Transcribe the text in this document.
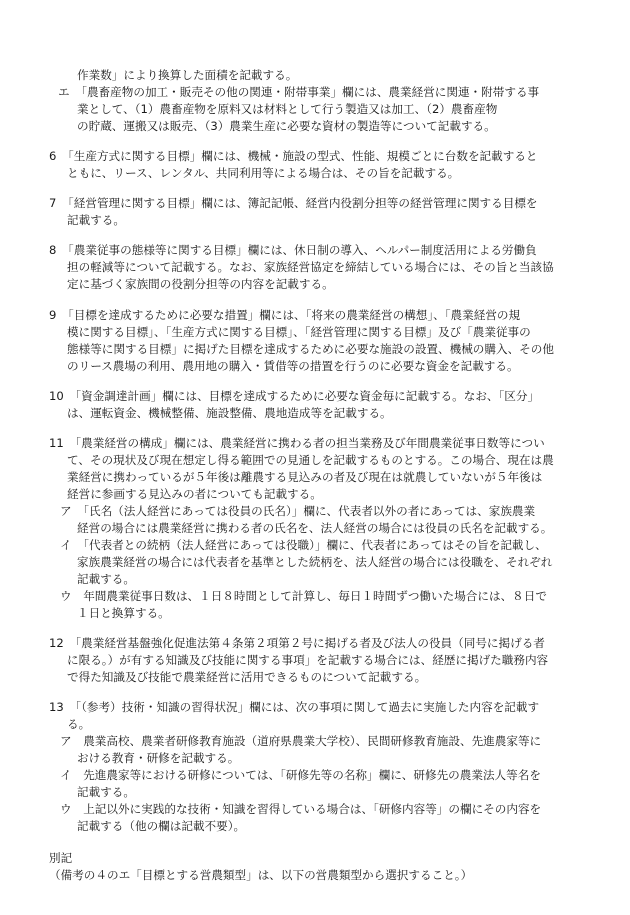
作業数」により換算した面積を記載する。
エ　「農畜産物の加工・販売その他の関連・附帯事業」欄には、農業経営に関連・附帯する事
業として、（1）農畜産物を原料又は材料として行う製造又は加工、（2）農畜産物
の貯蔵、運搬又は販売、（3）農業生産に必要な資材の製造等について記載する。
6　「生産方式に関する目標」欄には、機械・施設の型式、性能、規模ごとに台数を記載すると
ともに、リース、レンタル、共同利用等による場合は、その旨を記載する。
7　「経営管理に関する目標」欄には、簿記記帳、経営内役割分担等の経営管理に関する目標を
記載する。
8　「農業従事の態様等に関する目標」欄には、休日制の導入、ヘルパー制度活用による労働負
担の軽減等について記載する。なお、家族経営協定を締結している場合には、その旨と当該協
定に基づく家族間の役割分担等の内容を記載する。
9　「目標を達成するために必要な措置」欄には、「将来の農業経営の構想」、「農業経営の規
模に関する目標」、「生産方式に関する目標」、「経営管理に関する目標」及び「農業従事の
態様等に関する目標」に掲げた目標を達成するために必要な施設の設置、機械の購入、その他
のリース農場の利用、農用地の購入・賃借等の措置を行うのに必要な資金を記載する。
10　「資金調達計画」欄には、目標を達成するために必要な資金毎に記載する。なお、「区分」
は、運転資金、機械整備、施設整備、農地造成等を記載する。
11　「農業経営の構成」欄には、農業経営に携わる者の担当業務及び年間農業従事日数等につい
て、その現状及び現在想定し得る範囲での見通しを記載するものとする。この場合、現在は農
業経営に携わっているが５年後は離農する見込みの者及び現在は就農していないが５年後は
経営に参画する見込みの者についても記載する。
ア　「氏名（法人経営にあっては役員の氏名）」欄に、代表者以外の者にあっては、家族農業
経営の場合には農業経営に携わる者の氏名を、法人経営の場合には役員の氏名を記載する。
イ　「代表者との続柄（法人経営にあっては役職）」欄に、代表者にあってはその旨を記載し、
家族農業経営の場合には代表者を基準とした続柄を、法人経営の場合には役職を、それぞれ
記載する。
ウ　年間農業従事日数は、１日８時間として計算し、毎日１時間ずつ働いた場合には、８日で
１日と換算する。
12　「農業経営基盤強化促進法第４条第２項第２号に掲げる者及び法人の役員（同号に掲げる者
に限る。）が有する知識及び技能に関する事項」を記載する場合には、経歴に掲げた職務内容
で得た知識及び技能で農業経営に活用できるものについて記載する。
13　「（参考）技術・知識の習得状況」欄には、次の事項に関して過去に実施した内容を記載す
る。
ア　農業高校、農業者研修教育施設（道府県農業大学校）、民間研修教育施設、先進農家等に
おける教育・研修を記載する。
イ　先進農家等における研修については、「研修先等の名称」欄に、研修先の農業法人等名を
記載する。
ウ　上記以外に実践的な技術・知識を習得している場合は、「研修内容等」の欄にその内容を
記載する（他の欄は記載不要）。
別記
（備考の４のエ「目標とする営農類型」は、以下の営農類型から選択すること。）
